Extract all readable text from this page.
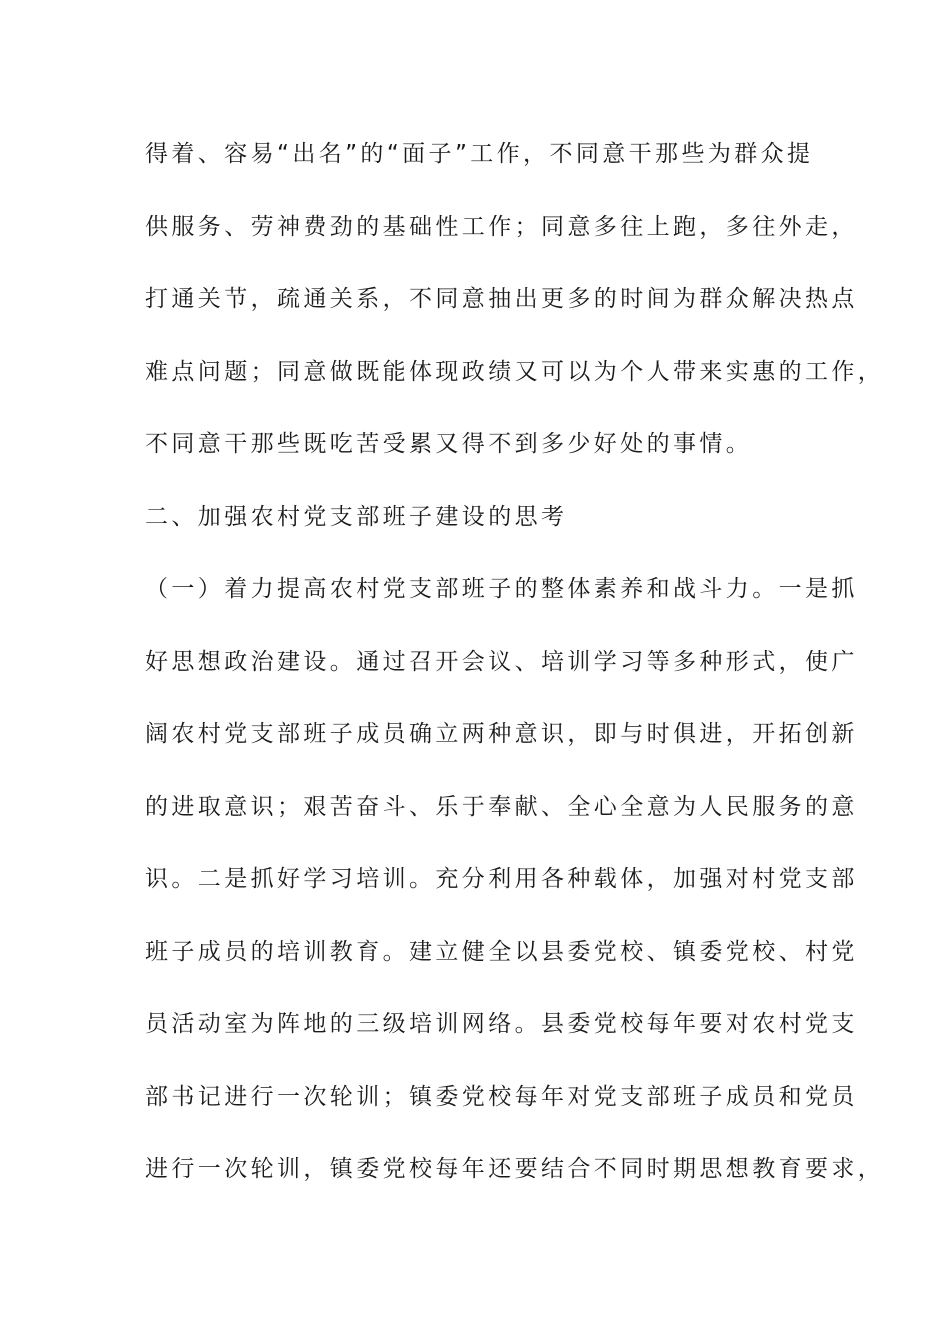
得着、容易“出名”的“面子”工作，不同意干那些为群众提
供服务、劳神费劲的基础性工作；同意多往上跑，多往外走，
打通关节，疏通关系，不同意抽出更多的时间为群众解决热点
难点问题；同意做既能体现政绩又可以为个人带来实惠的工作，
不同意干那些既吃苦受累又得不到多少好处的事情。
二、加强农村党支部班子建设的思考
（一）着力提高农村党支部班子的整体素养和战斗力。一是抓
好思想政治建设。通过召开会议、培训学习等多种形式，使广
阔农村党支部班子成员确立两种意识，即与时俱进，开拓创新
的进取意识；艰苦奋斗、乐于奉献、全心全意为人民服务的意
识。二是抓好学习培训。充分利用各种载体，加强对村党支部
班子成员的培训教育。建立健全以县委党校、镇委党校、村党
员活动室为阵地的三级培训网络。县委党校每年要对农村党支
部书记进行一次轮训；镇委党校每年对党支部班子成员和党员
进行一次轮训，镇委党校每年还要结合不同时期思想教育要求，
